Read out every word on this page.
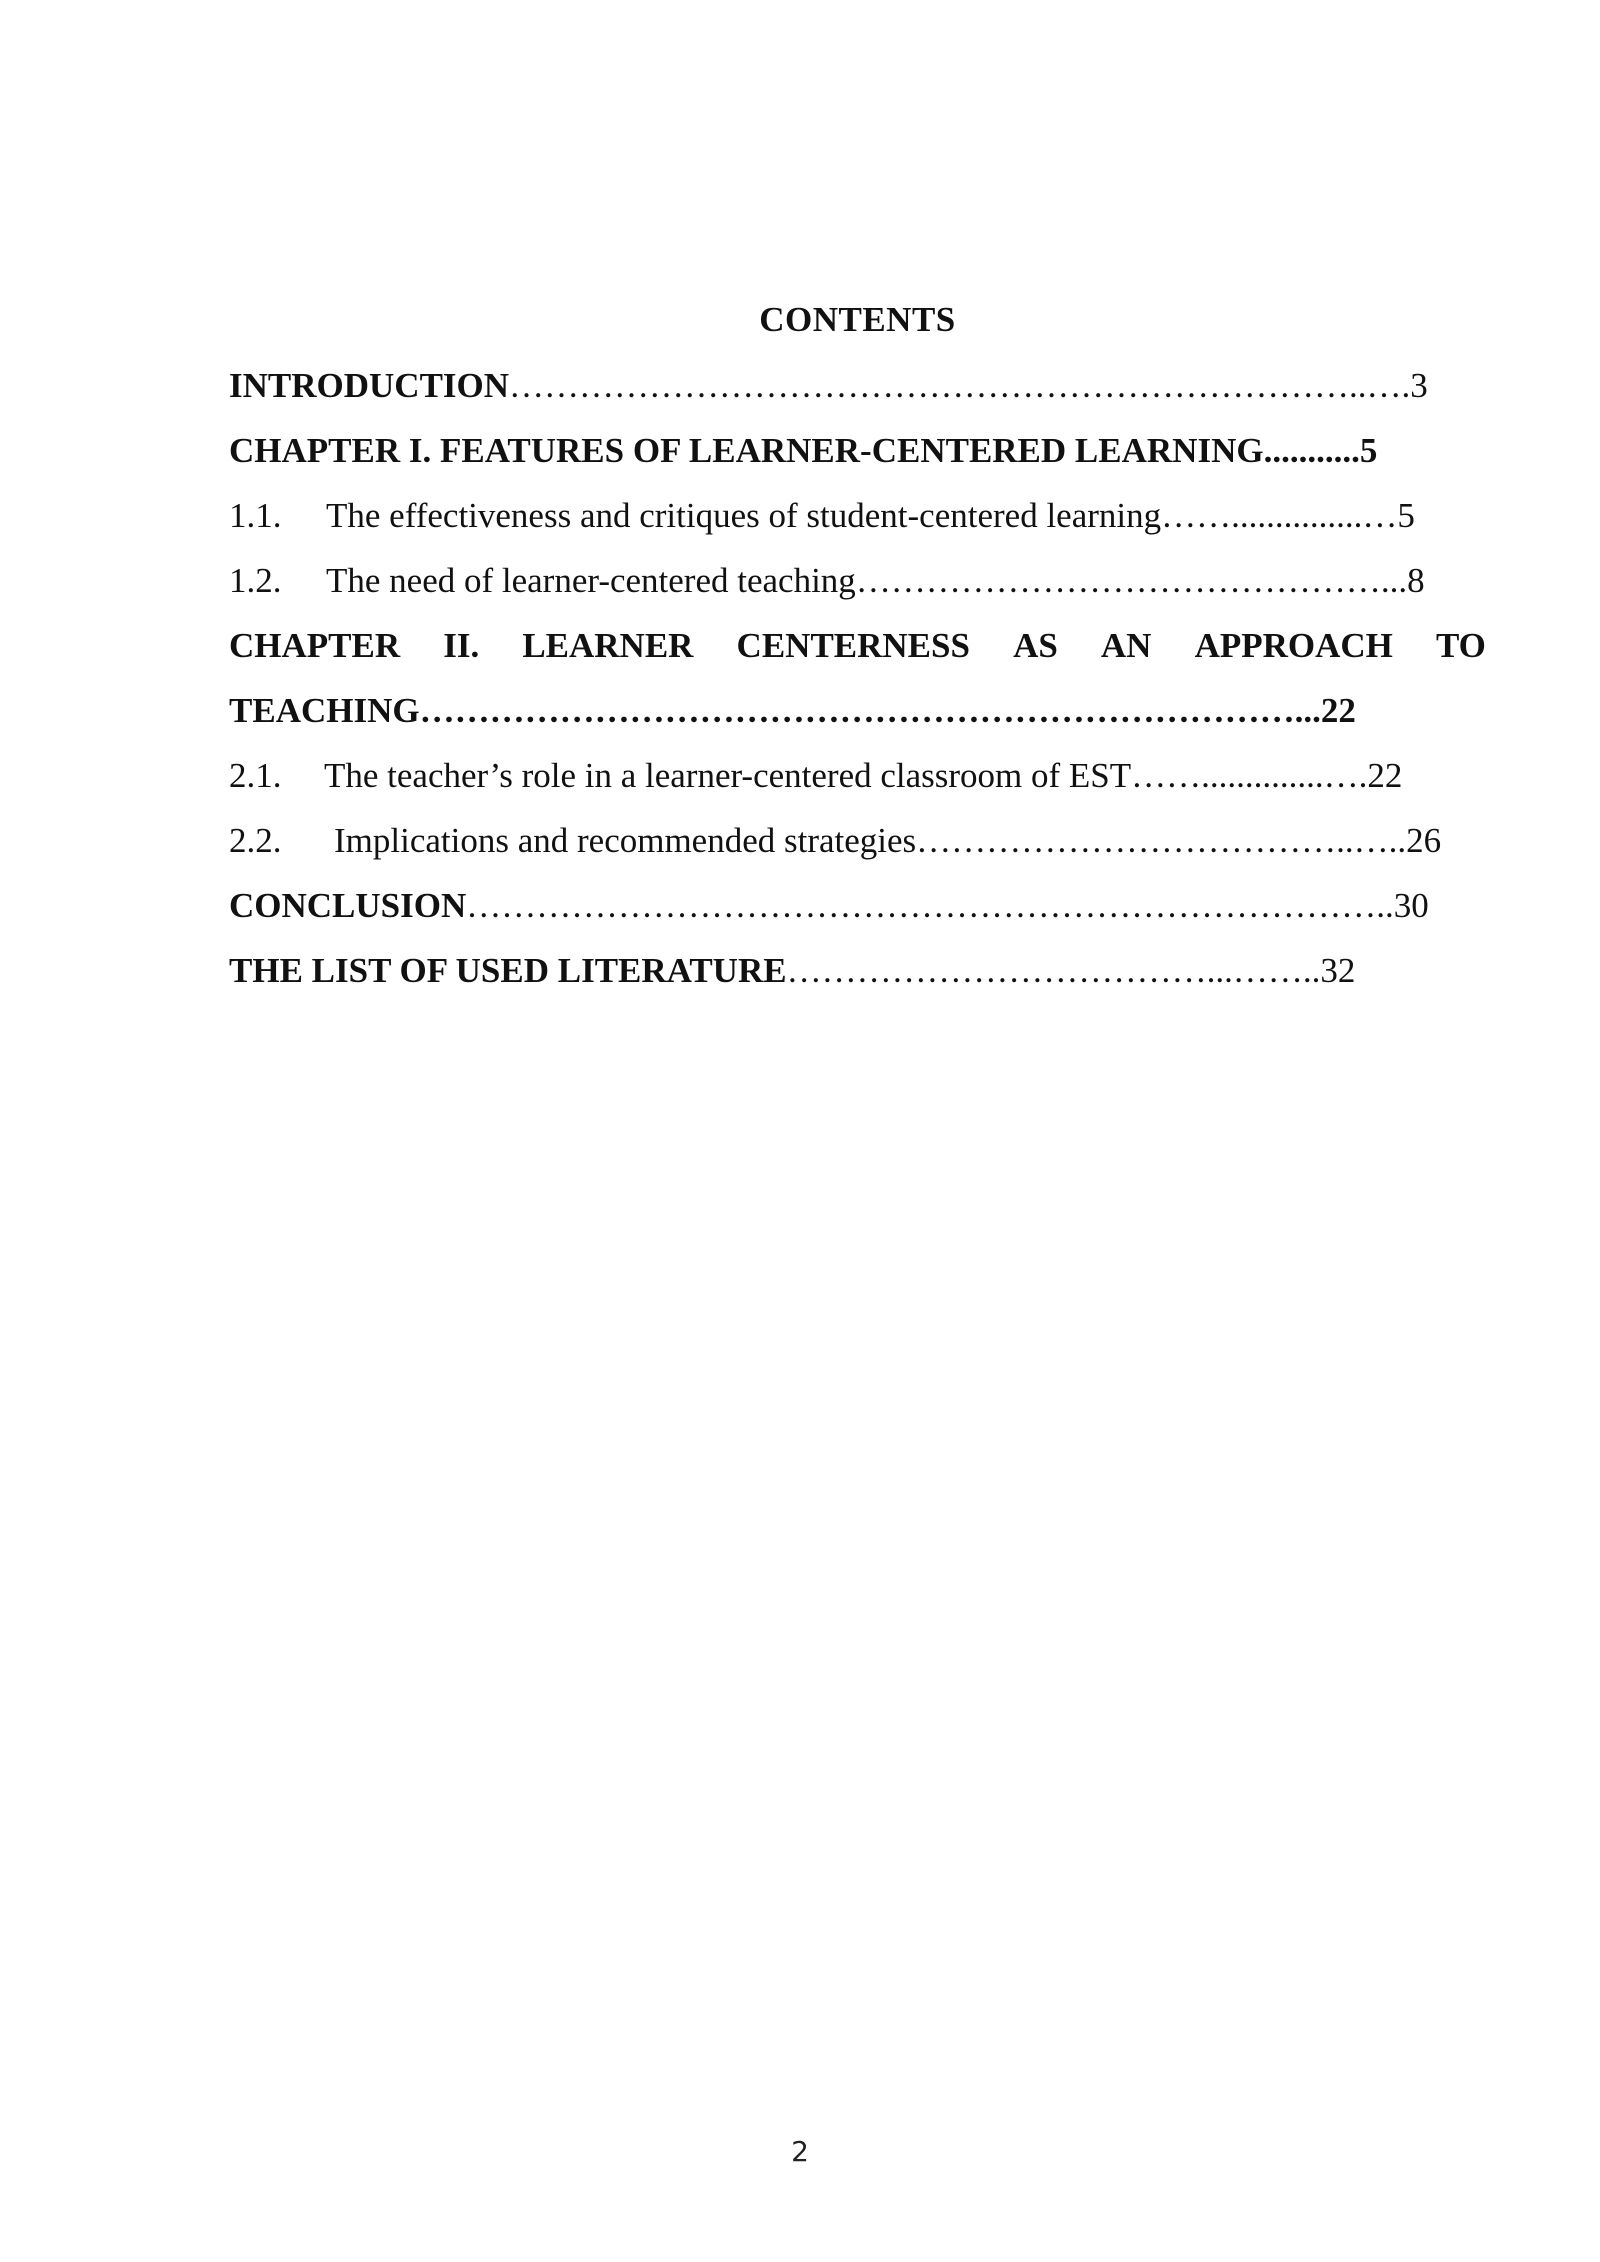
CONTENTS
INTRODUCTION………………………………………………………………..….3
CHAPTER I. FEATURES OF LEARNER-CENTERED LEARNING...........5
1.1. The effectiveness and critiques of student-centered learning……...............…5
1.2. The need of learner-centered teaching………………………………………...8
CHAPTER II. LEARNER CENTERNESS AS AN APPROACH TO
TEACHING…………………………………………………………………...22
2.1. The teacher’s role in a learner-centered classroom of EST……..............….22
2.2. Implications and recommended strategies………………………………..…..26
CONCLUSION……………………………………………………………………..30
THE LIST OF USED LITERATURE………………………………...……..32
2
